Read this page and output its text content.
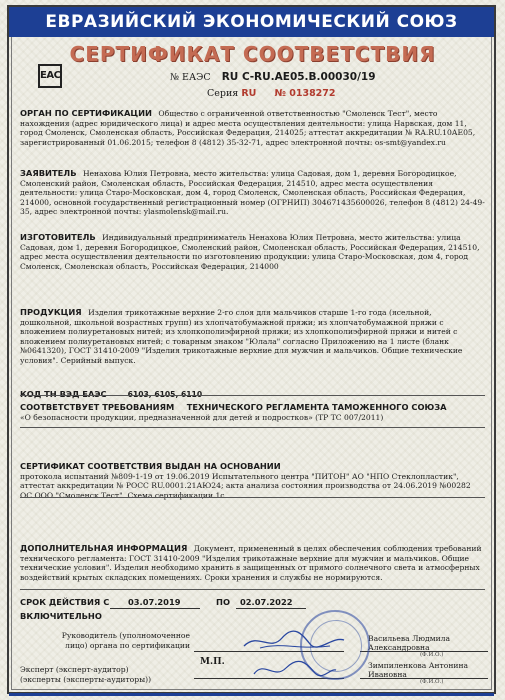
ЕВРАЗИЙСКИЙ ЭКОНОМИЧЕСКИЙ СОЮЗ
СЕРТИФИКАТ СООТВЕТСТВИЯ
EAC	№ ЕАЭС RU С-RU.АЕ05.В.00030/19
Серия RU № 0138272
ОРГАН ПО СЕРТИФИКАЦИИ Общество с ограниченной ответственностью "Смоленск Тест", место нахождения (адрес юридического лица) и адрес места осуществления деятельности: улица Нарвская, дом 11, город Смоленск, Смоленская область, Российская Федерация, 214025; аттестат аккредитации № RA.RU.10АЕ05, зарегистрированный 01.06.2015; телефон 8 (4812) 35-32-71, адрес электронной почты: os-smt@yandex.ru
ЗАЯВИТЕЛЬ Ненахова Юлия Петровна, место жительства: улица Садовая, дом 1, деревня Богородицкое, Смоленский район, Смоленская область, Российская Федерация, 214510, адрес места осуществления деятельности: улица Старо-Московская, дом 4, город Смоленск, Смоленская область, Российская Федерация, 214000, основной государственный регистрационный номер (ОГРНИП) 304671435600026, телефон 8 (4812) 24-49-35, адрес электронной почты: ylasmolensk@mail.ru.
ИЗГОТОВИТЕЛЬ Индивидуальный предприниматель Ненахова Юлия Петровна, место жительства: улица Садовая, дом 1, деревня Богородицкое, Смоленский район, Смоленская область, Российская Федерация, 214510, адрес места осуществления деятельности по изготовлению продукции: улица Старо-Московская, дом 4, город Смоленск, Смоленская область, Российская Федерация, 214000
ПРОДУКЦИЯ Изделия трикотажные верхние 2-го слоя для мальчиков старше 1-го года (ясельной, дошкольной, школьной возрастных групп) из хлопчатобумажной пряжи; из хлопчатобумажной пряжи с вложением полиуретановых нитей; из хлопкополиэфирной пряжи; из хлопкополиэфирной пряжи и нитей с вложением полиуретановых нитей; с товарным знаком "Юлала" согласно Приложению на 1 листе (бланк №0641320), ГОСТ 31410-2009 "Изделия трикотажные верхние для мужчин и мальчиков. Общие технические условия". Серийный выпуск.
КОД ТН ВЭД ЕАЭС	6103, 6105, 6110
СООТВЕТСТВУЕТ ТРЕБОВАНИЯМ ТЕХНИЧЕСКОГО РЕГЛАМЕНТА ТАМОЖЕННОГО СОЮЗА
«О безопасности продукции, предназначенной для детей и подростков» (ТР ТС 007/2011)
СЕРТИФИКАТ СООТВЕТСТВИЯ ВЫДАН НА ОСНОВАНИИ
протокола испытаний №809-1-19 от 19.06.2019 Испытательного центра "ПИТОН" АО "НПО Стеклопластик", аттестат аккредитации № РОСС RU.0001.21АЮ24; акта анализа состояния производства от 24.06.2019 №00282 ОС ООО "Смоленск Тест". Схема сертификации 1с.
ДОПОЛНИТЕЛЬНАЯ ИНФОРМАЦИЯ Документ, примененный в целях обеспечения соблюдения требований технического регламента: ГОСТ 31410-2009 "Изделия трикотажные верхние для мужчин и мальчиков. Общие технические условия". Изделия необходимо хранить в защищенных от прямого солнечного света и атмосферных воздействий крытых складских помещениях. Сроки хранения и службы не нормируются.
СРОК ДЕЙСТВИЯ С 03.07.2019	ПО 02.07.2022
ВКЛЮЧИТЕЛЬНО
Руководитель (уполномоченное
лицо) органа по сертификации
Васильева Людмила Александровна
(Ф.И.О.)
М.П.
Эксперт (эксперт-аудитор)
(эксперты (эксперты-аудиторы))
Зимпиленкова Антонина Ивановна
(Ф.И.О.)
